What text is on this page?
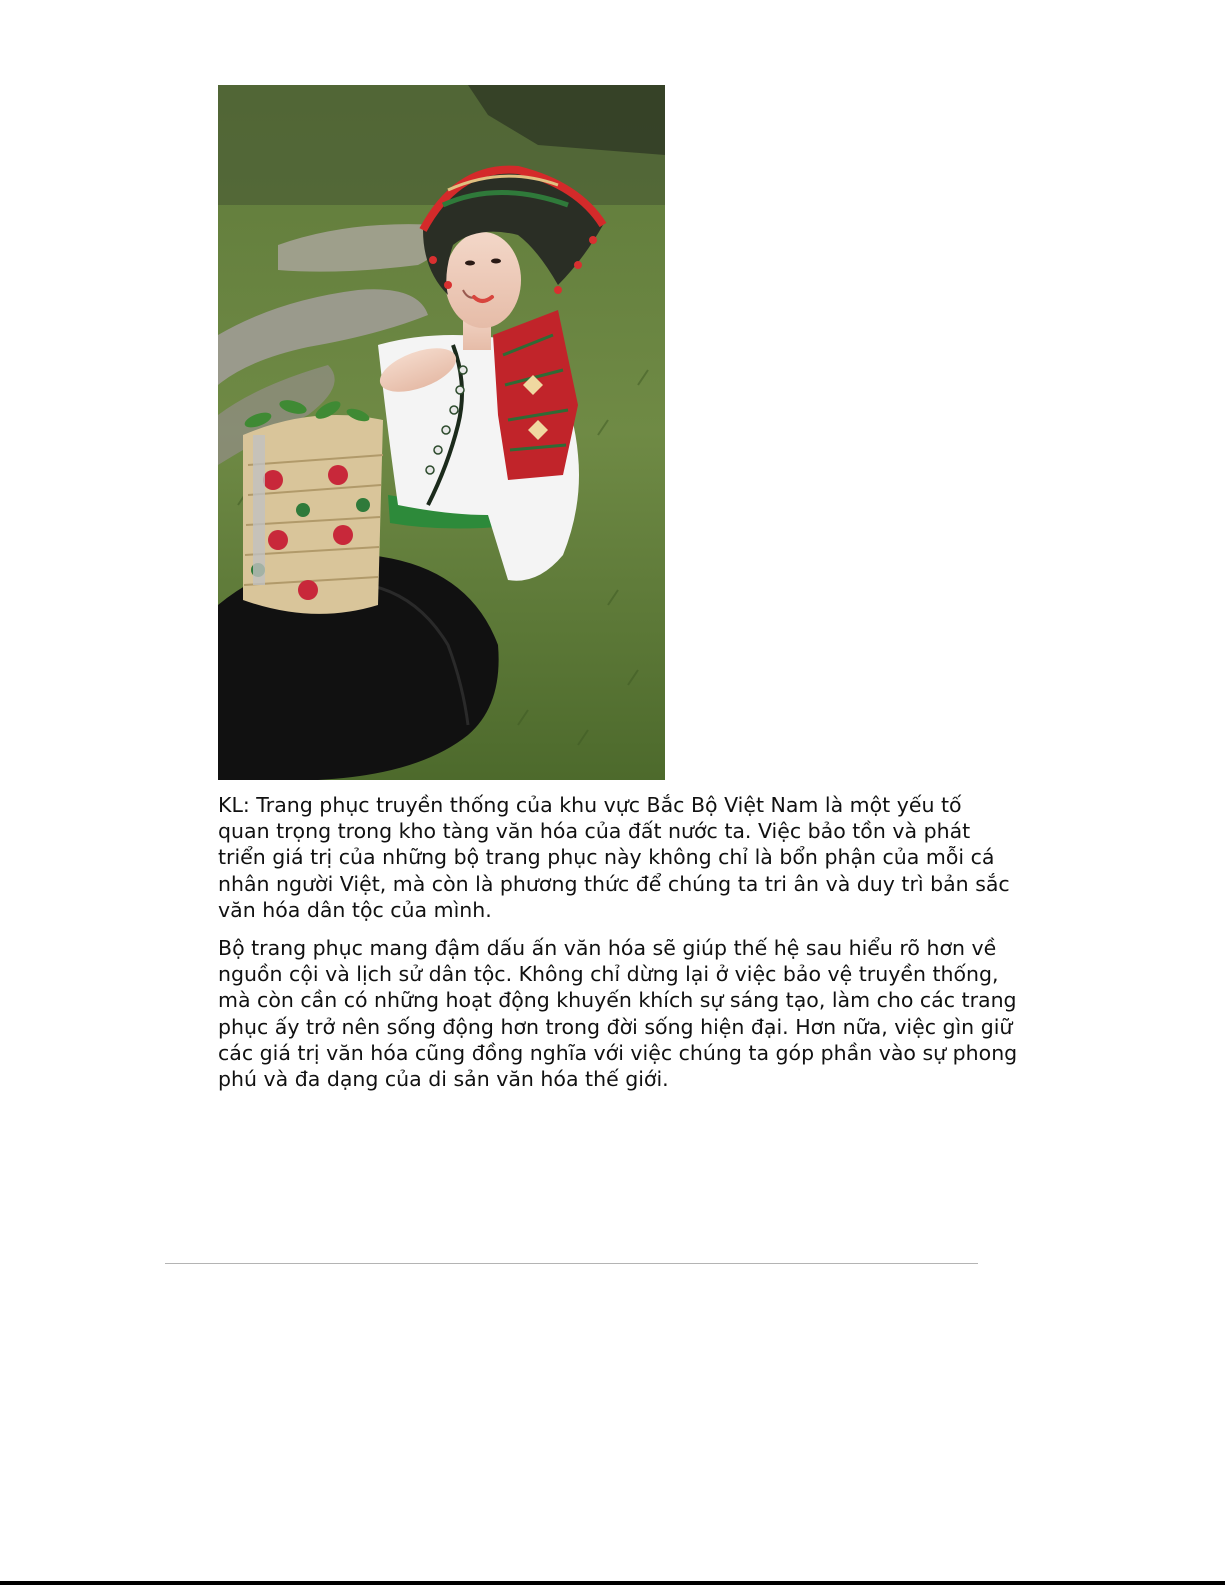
KL: Trang phục truyền thống của khu vực Bắc Bộ Việt Nam là một yếu tố quan trọng trong kho tàng văn hóa của đất nước ta. Việc bảo tồn và phát triển giá trị của những bộ trang phục này không chỉ là bổn phận của mỗi cá nhân người Việt, mà còn là phương thức để chúng ta tri ân và duy trì bản sắc văn hóa dân tộc của mình.

Bộ trang phục mang đậm dấu ấn văn hóa sẽ giúp thế hệ sau hiểu rõ hơn về nguồn cội và lịch sử dân tộc. Không chỉ dừng lại ở việc bảo vệ truyền thống, mà còn cần có những hoạt động khuyến khích sự sáng tạo, làm cho các trang phục ấy trở nên sống động hơn trong đời sống hiện đại. Hơn nữa, việc gìn giữ các giá trị văn hóa cũng đồng nghĩa với việc chúng ta góp phần vào sự phong phú và đa dạng của di sản văn hóa thế giới.
